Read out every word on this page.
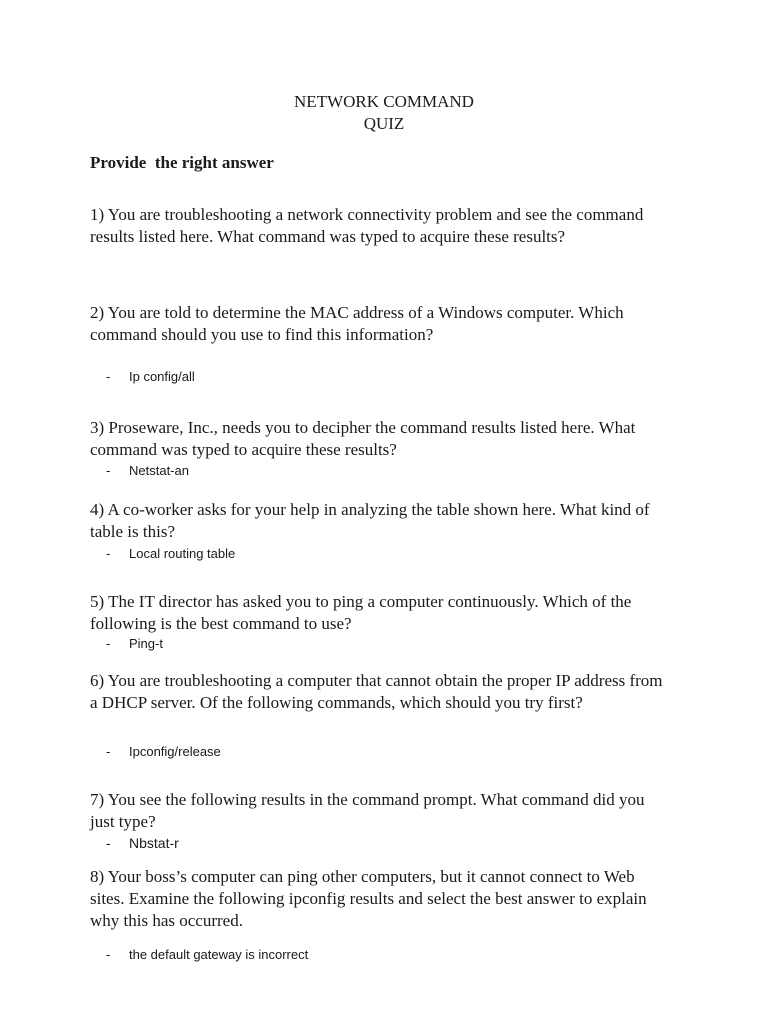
NETWORK COMMAND
QUIZ
Provide  the right answer
1) You are troubleshooting a network connectivity problem and see the command results listed here. What command was typed to acquire these results?
2) You are told to determine the MAC address of a Windows computer. Which command should you use to find this information?
-	Ip config/all
3) Proseware, Inc., needs you to decipher the command results listed here. What command was typed to acquire these results?
-	Netstat-an
4) A co-worker asks for your help in analyzing the table shown here. What kind of table is this?
-	Local routing table
5) The IT director has asked you to ping a computer continuously. Which of the following is the best command to use?
-	Ping-t
6) You are troubleshooting a computer that cannot obtain the proper IP address from a DHCP server. Of the following commands, which should you try first?
-	Ipconfig/release
7) You see the following results in the command prompt. What command did you just type?
-	Nbstat-r
8) Your boss’s computer can ping other computers, but it cannot connect to Web sites. Examine the following ipconfig results and select the best answer to explain why this has occurred.
-	the default gateway is incorrect
